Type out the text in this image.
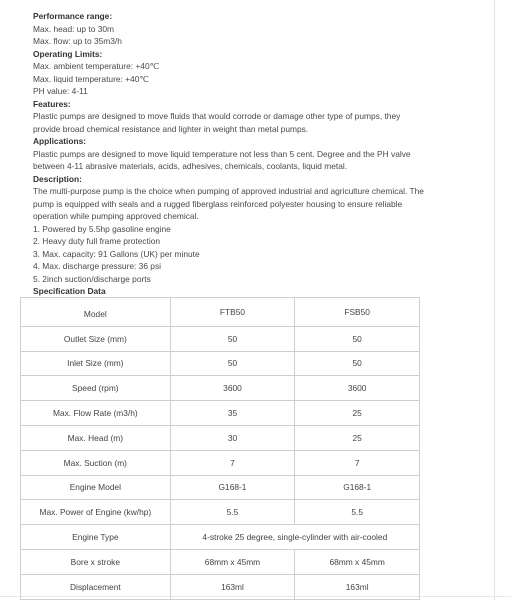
Performance range:
Max. head: up to 30m
Max. flow: up to 35m3/h
Operating Limits:
Max. ambient temperature: +40℃
Max. liquid temperature: +40℃
PH value: 4-11
Features:
Plastic pumps are designed to move fluids that would corrode or damage other type of pumps, they
provide broad chemical resistance and lighter in weight than metal pumps.
Applications:
Plastic pumps are designed to move liquid temperature not less than 5 cent. Degree and the PH valve
between 4-11 abrasive materials, acids, adhesives, chemicals, coolants, liquid metal.
Description:
The multi-purpose pump is the choice when pumping of approved industrial and agriculture chemical. The
pump is equipped with seals and a rugged fiberglass reinforced polyester housing to ensure reliable
operation while pumping approved chemical.
1. Powered by 5.5hp gasoline engine
2. Heavy duty full frame protection
3. Max. capacity: 91 Gallons (UK) per minute
4. Max. discharge pressure: 36 psi
5. 2inch suction/discharge ports
Specification Data
Model	FTB50	FSB50
Outlet Size (mm)	50	50
Inlet Size (mm)	50	50
Speed (rpm)	3600	3600
Max. Flow Rate (m3/h)	35	25
Max. Head (m)	30	25
Max. Suction (m)	7	7
Engine Model	G168-1	G168-1
Max. Power of Engine (kw/hp)	5.5	5.5
Engine Type	4-stroke 25 degree, single-cylinder with air-cooled	
Bore x stroke	68mm x 45mm	68mm x 45mm
Displacement	163ml	163ml
